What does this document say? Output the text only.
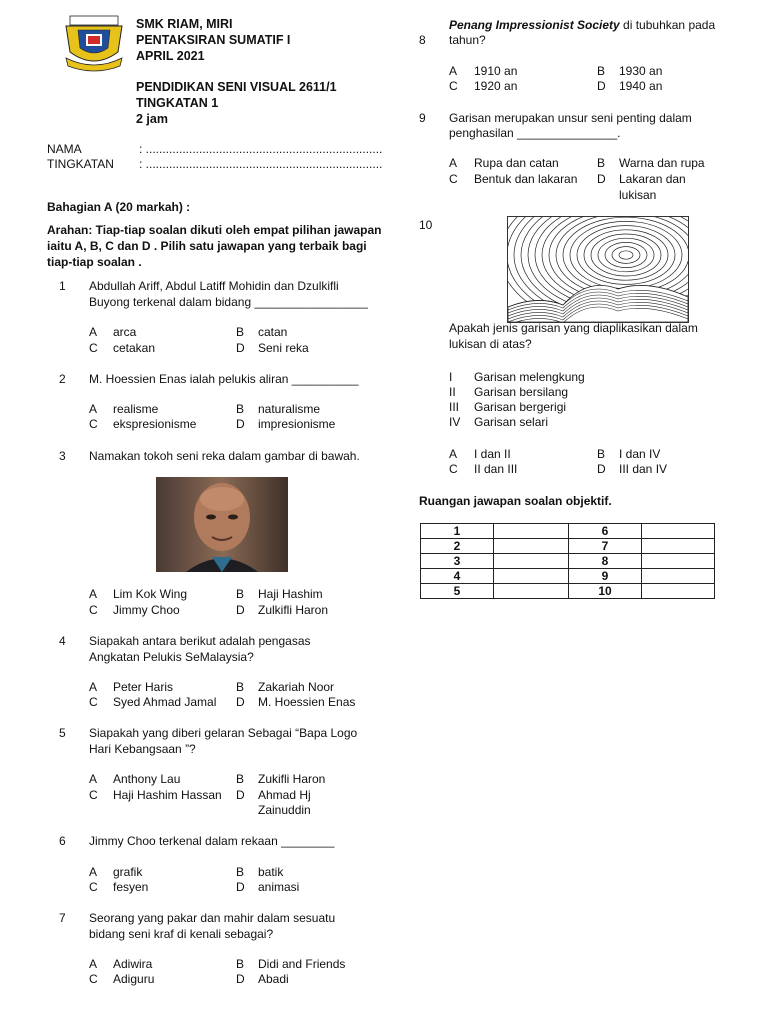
SMK RIAM, MIRI
PENTAKSIRAN SUMATIF I
APRIL 2021
PENDIDIKAN SENI VISUAL 2611/1
TINGKATAN 1
2 jam
NAMA	: .......................................................................
TINGKATAN : .......................................................................
Bahagian A (20 markah) :
Arahan: Tiap-tiap soalan dikuti oleh empat pilihan jawapan
iaitu A, B, C dan D . Pilih satu jawapan yang terbaik bagi
tiap-tiap soalan .
1 Abdullah Ariff, Abdul Latiff Mohidin dan Dzulkifli
Buyong terkenal dalam bidang _________________
A arca	B catan
C cetakan	D Seni reka
2 M. Hoessien Enas ialah pelukis aliran __________
A realisme	B naturalisme
C ekspresionisme	D impresionisme
3 Namakan tokoh seni reka dalam gambar di bawah.
A Lim Kok Wing	B Haji Hashim
C Jimmy Choo	D Zulkifli Haron
4 Siapakah antara berikut adalah pengasas
Angkatan Pelukis SeMalaysia?
A Peter Haris	B Zakariah Noor
C Syed Ahmad Jamal D M. Hoessien Enas
5 Siapakah yang diberi gelaran Sebagai “Bapa Logo
Hari Kebangsaan ”?
A Anthony Lau	B Zukifli Haron
C Haji Hashim Hassan D Ahmad Hj
Zainuddin
6 Jimmy Choo terkenal dalam rekaan ________
A grafik	B batik
C fesyen	D animasi
7 Seorang yang pakar dan mahir dalam sesuatu
bidang seni kraf di kenali sebagai?
A Adiwira	B Didi and Friends
C Adiguru	D Abadi
Penang Impressionist Society di tubuhkan pada
8 tahun?
A 1910 an	B 1930 an
C 1920 an	D 1940 an
9 Garisan merupakan unsur seni penting dalam
penghasilan _______________.
A Rupa dan catan	B Warna dan rupa
C Bentuk dan lakaran D Lakaran dan
lukisan
10
Apakah jenis garisan yang diaplikasikan dalam
lukisan di atas?
I Garisan melengkung
II Garisan bersilang
III Garisan bergerigi
IV Garisan selari
A I dan II	B I dan IV
C II dan III	D III dan IV
Ruangan jawapan soalan objektif.
1		6	
2		7	
3		8	
4		9	
5		10	
